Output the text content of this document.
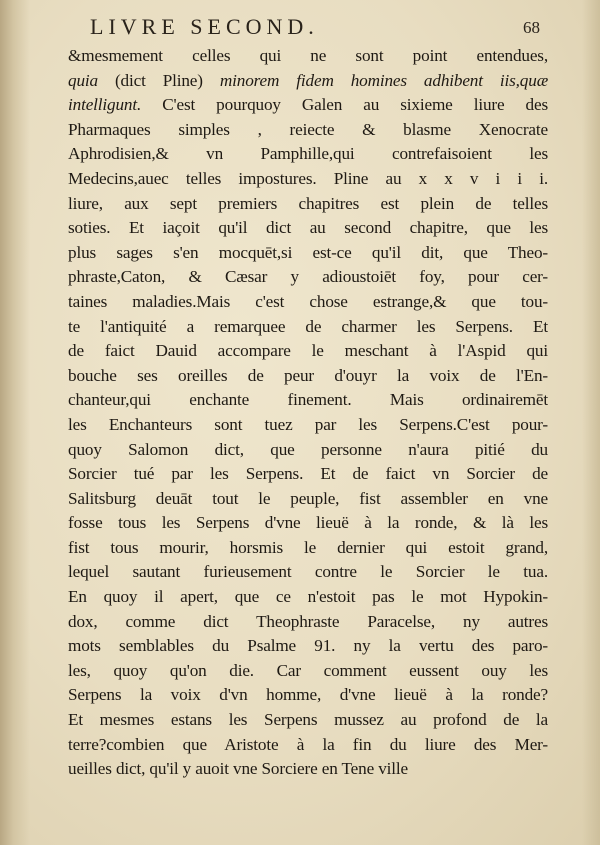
LIVRE SECOND.	68
&mesmement celles qui ne sont point entendues,
quia (dict Pline) minorem fidem homines adhibent iis,quæ
intelligunt. C'est pourquoy Galen au sixieme liure des
Pharmaques simples , reiecte & blasme Xenocrate
Aphrodisien,& vn Pamphille,qui contrefaisoient les
Medecins,auec telles impostures. Pline au x x v i i i.
liure, aux sept premiers chapitres est plein de telles
soties. Et iaçoit qu'il dict au second chapitre, que les
plus sages s'en mocquēt,si est-ce qu'il dit, que Theo-
phraste,Caton, & Cæsar y adioustoiēt foy, pour cer-
taines maladies.Mais c'est chose estrange,& que tou-
te l'antiquité a remarquee de charmer les Serpens. Et
de faict Dauid accompare le meschant à l'Aspid qui
bouche ses oreilles de peur d'ouyr la voix de l'En-
chanteur,qui enchante finement. Mais ordinairemēt
les Enchanteurs sont tuez par les Serpens.C'est pour-
quoy Salomon dict, que personne n'aura pitié du
Sorcier tué par les Serpens. Et de faict vn Sorcier de
Salitsburg deuāt tout le peuple, fist assembler en vne
fosse tous les Serpens d'vne lieuë à la ronde, & là les
fist tous mourir, horsmis le dernier qui estoit grand,
lequel sautant furieusement contre le Sorcier le tua.
En quoy il apert, que ce n'estoit pas le mot Hypokin-
dox, comme dict Theophraste Paracelse, ny autres
mots semblables du Psalme 91. ny la vertu des paro-
les, quoy qu'on die. Car comment eussent ouy les
Serpens la voix d'vn homme, d'vne lieuë à la ronde?
Et mesmes estans les Serpens mussez au profond de la
terre?combien que Aristote à la fin du liure des Mer-
ueilles dict, qu'il y auoit vne Sorciere en Tene ville
